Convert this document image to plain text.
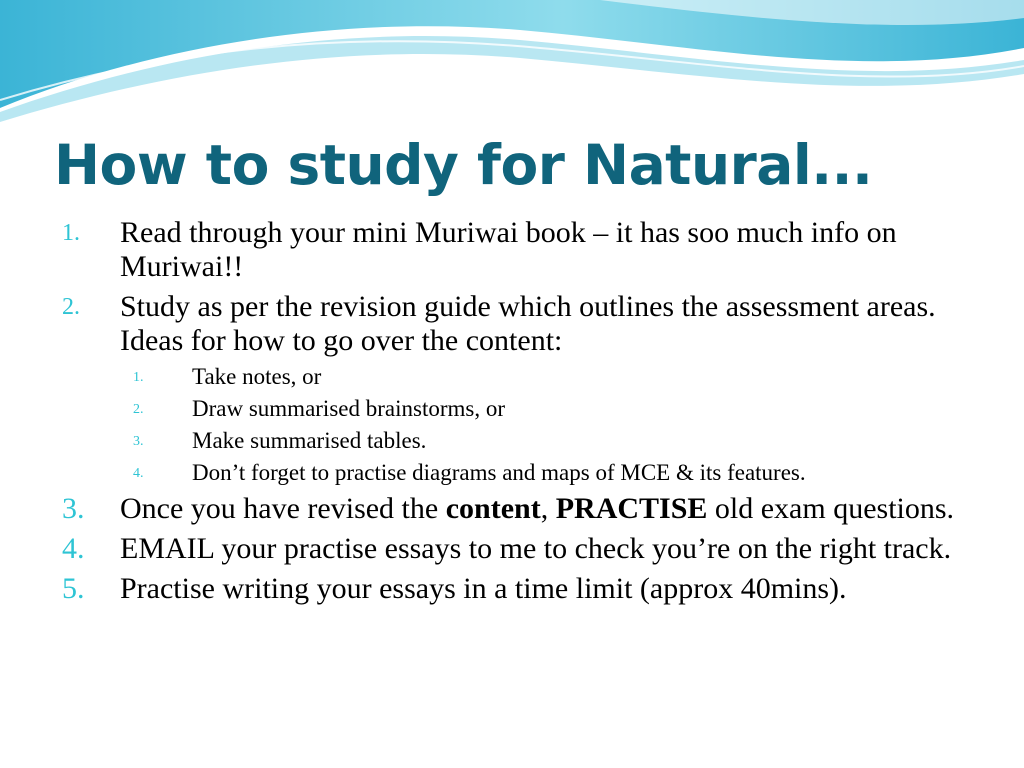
How to study for Natural...
1. Read through your mini Muriwai book – it has soo much info on Muriwai!!
2. Study as per the revision guide which outlines the assessment areas. Ideas for how to go over the content:
1. Take notes, or
2. Draw summarised brainstorms, or
3. Make summarised tables.
4. Don’t forget to practise diagrams and maps of MCE & its features.
3. Once you have revised the content, PRACTISE old exam questions.
4. EMAIL your practise essays to me to check you’re on the right track.
5. Practise writing your essays in a time limit (approx 40mins).
